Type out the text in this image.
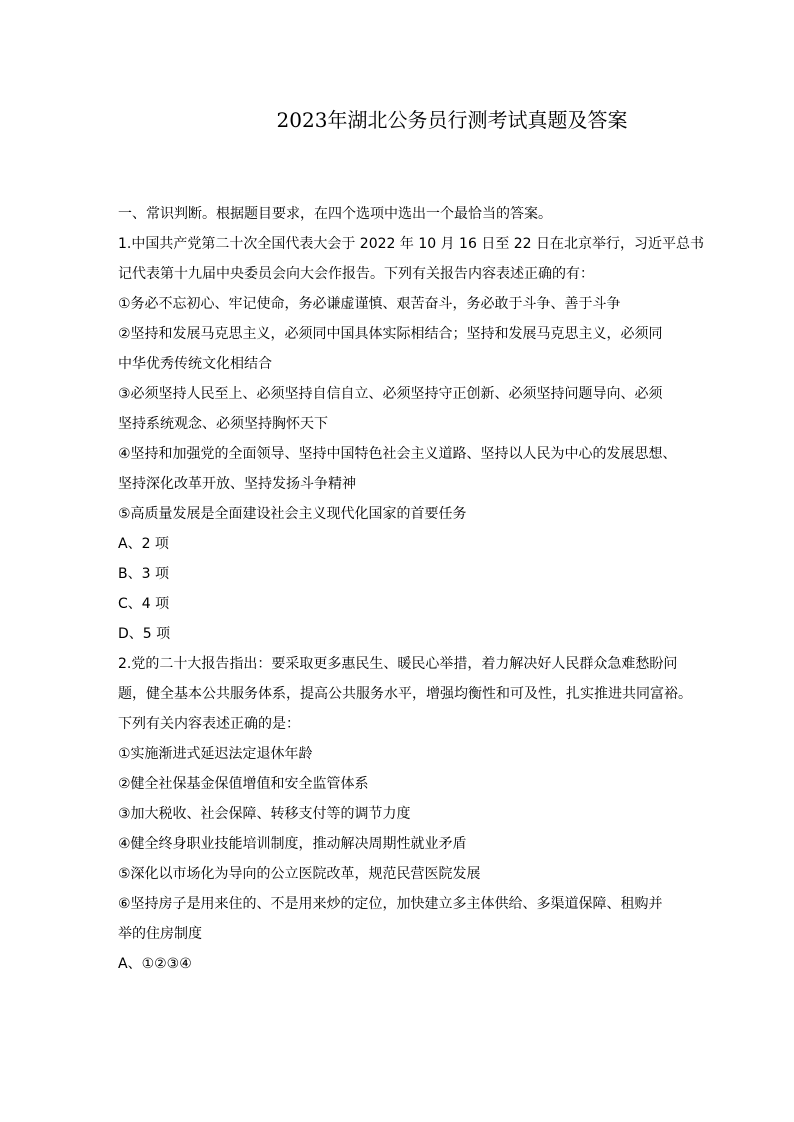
2023年湖北公务员行测考试真题及答案
一、常识判断。根据题目要求，在四个选项中选出一个最恰当的答案。
1.中国共产党第二十次全国代表大会于 2022 年 10 月 16 日至 22 日在北京举行，习近平总书
记代表第十九届中央委员会向大会作报告。下列有关报告内容表述正确的有：
①务必不忘初心、牢记使命，务必谦虚谨慎、艰苦奋斗，务必敢于斗争、善于斗争
②坚持和发展马克思主义，必须同中国具体实际相结合；坚持和发展马克思主义，必须同
中华优秀传统文化相结合
③必须坚持人民至上、必须坚持自信自立、必须坚持守正创新、必须坚持问题导向、必须
坚持系统观念、必须坚持胸怀天下
④坚持和加强党的全面领导、坚持中国特色社会主义道路、坚持以人民为中心的发展思想、
坚持深化改革开放、坚持发扬斗争精神
⑤高质量发展是全面建设社会主义现代化国家的首要任务
A、2 项
B、3 项
C、4 项
D、5 项
2.党的二十大报告指出：要采取更多惠民生、暖民心举措，着力解决好人民群众急难愁盼问
题，健全基本公共服务体系，提高公共服务水平，增强均衡性和可及性，扎实推进共同富裕。
下列有关内容表述正确的是：
①实施渐进式延迟法定退休年龄
②健全社保基金保值增值和安全监管体系
③加大税收、社会保障、转移支付等的调节力度
④健全终身职业技能培训制度，推动解决周期性就业矛盾
⑤深化以市场化为导向的公立医院改革，规范民营医院发展
⑥坚持房子是用来住的、不是用来炒的定位，加快建立多主体供给、多渠道保障、租购并
举的住房制度
A、①②③④
